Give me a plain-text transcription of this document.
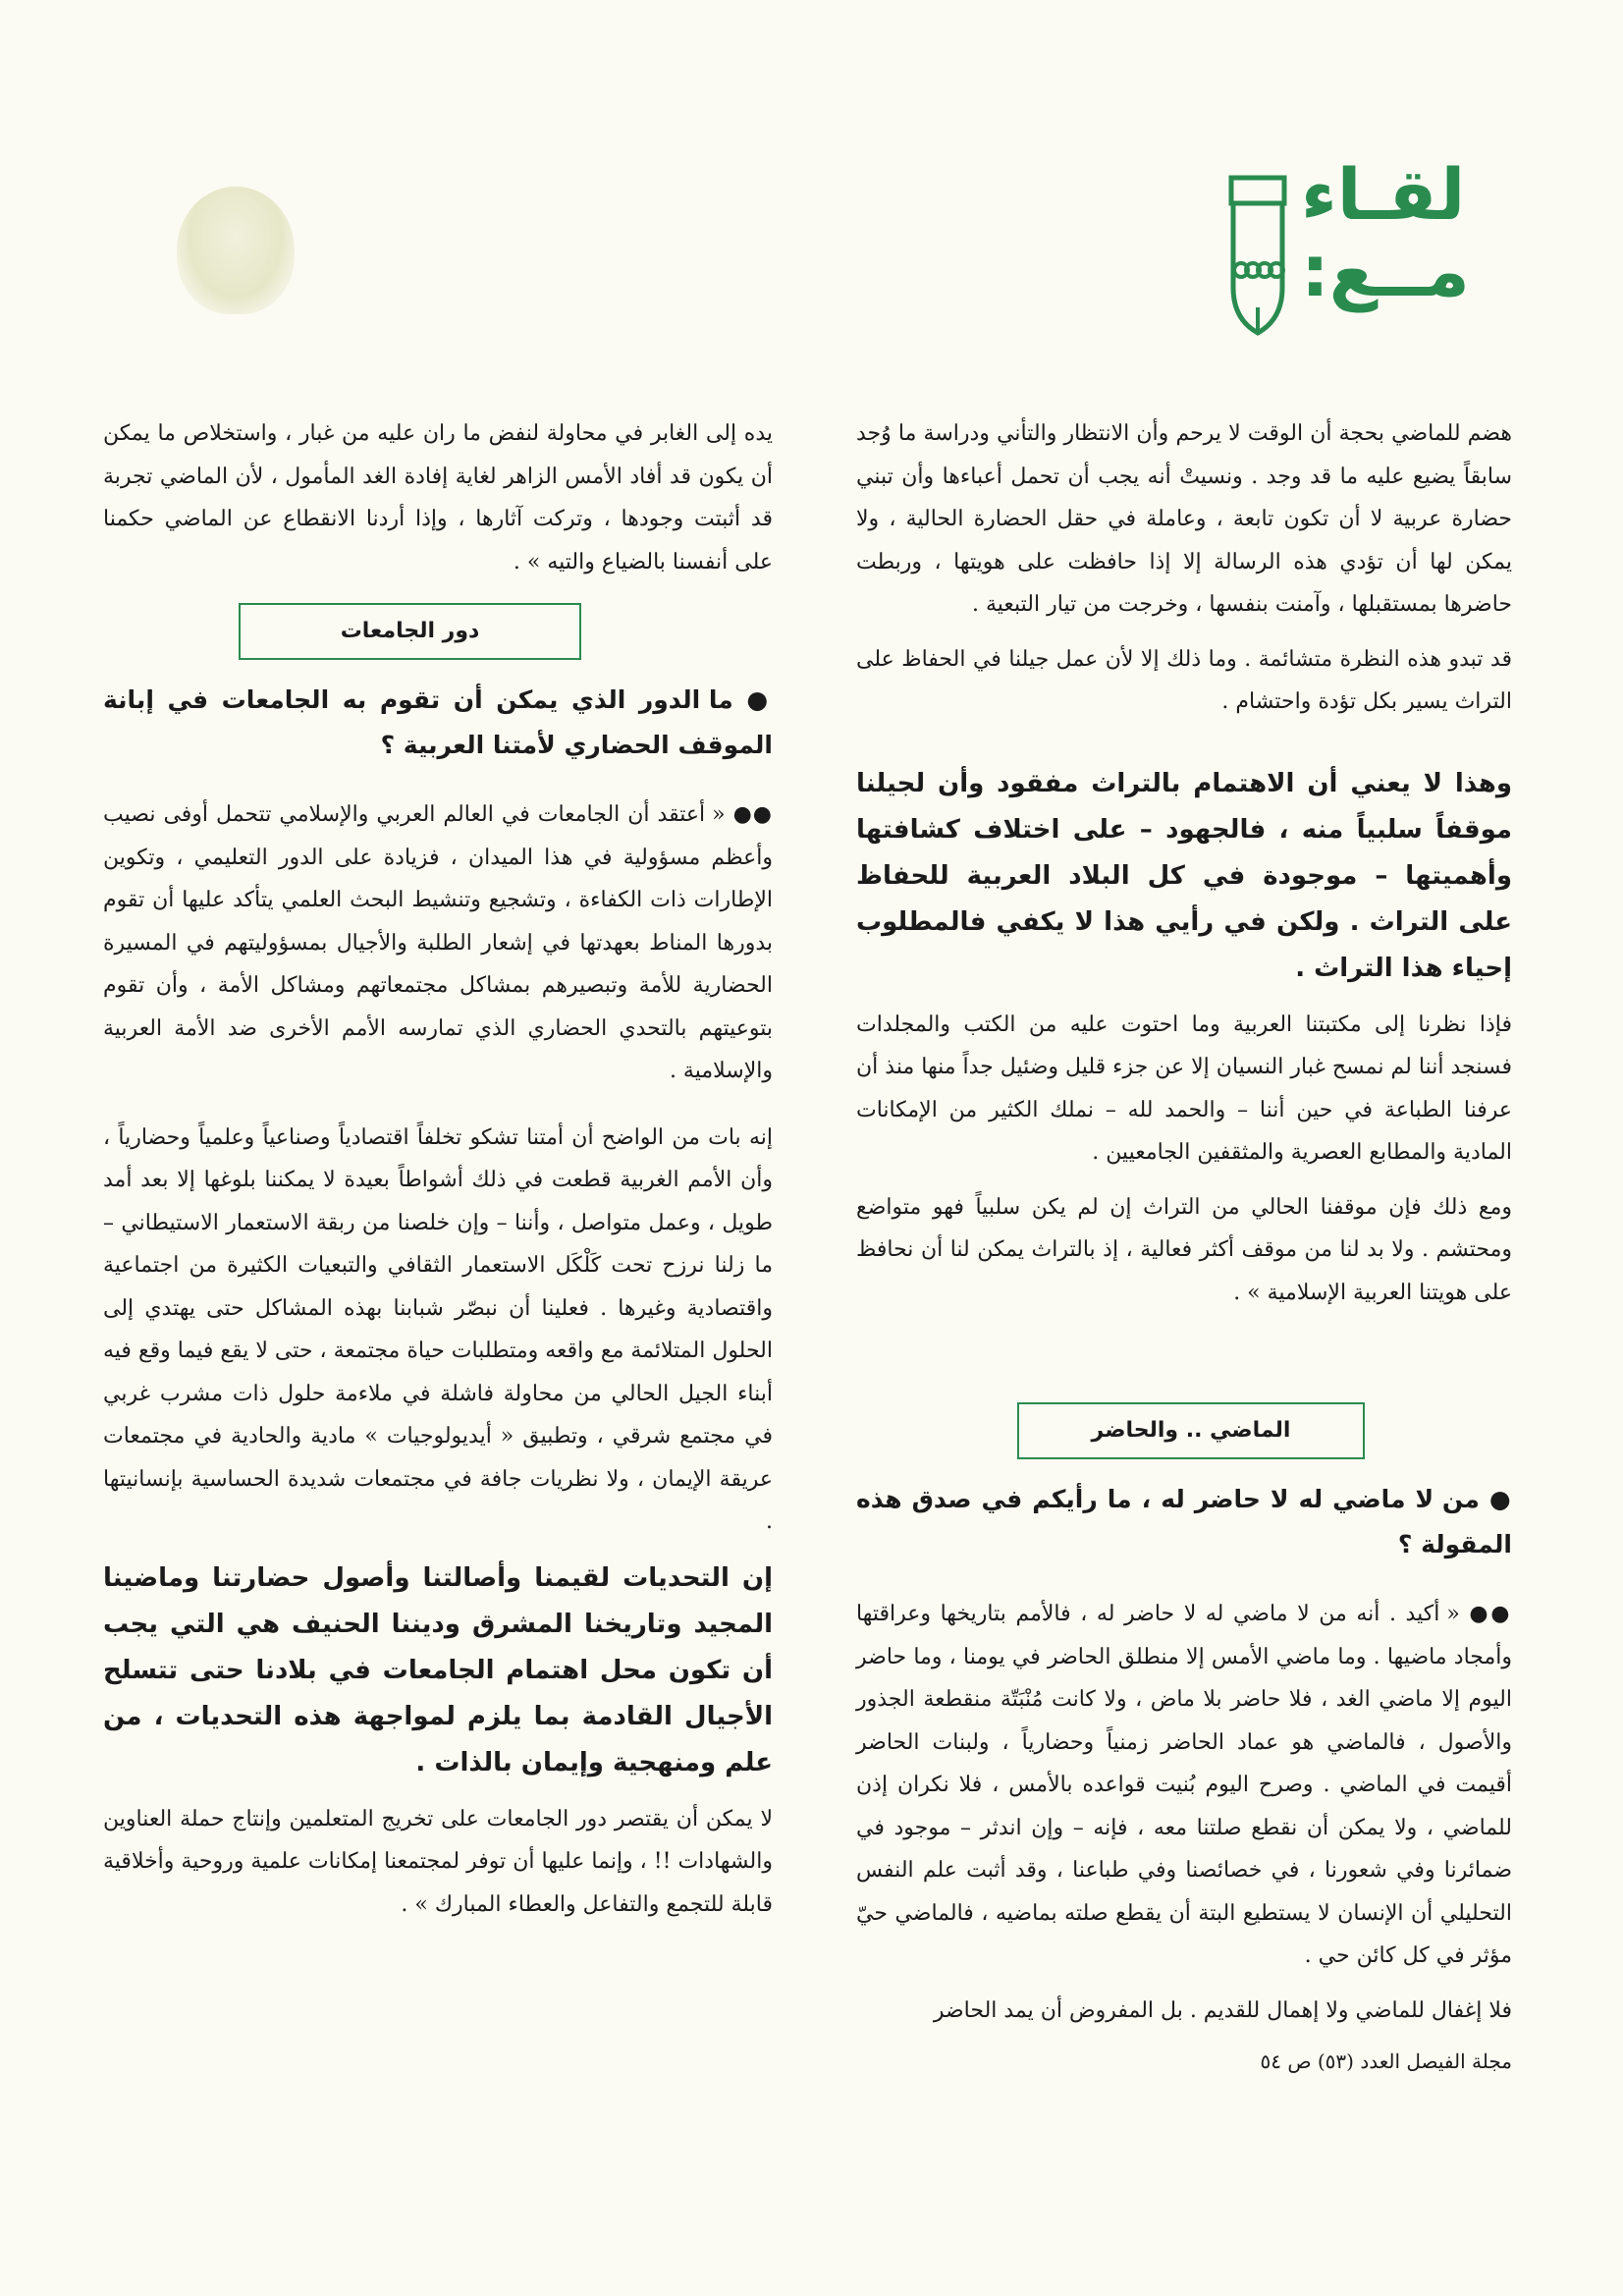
لقـاء
مــع:

هضم للماضي بحجة أن الوقت لا يرحم وأن الانتظار والتأني ودراسة ما وُجد سابقاً يضيع عليه ما قد وجد . ونسيتْ أنه يجب أن تحمل أعباءها وأن تبني حضارة عربية لا أن تكون تابعة ، وعاملة في حقل الحضارة الحالية ، ولا يمكن لها أن تؤدي هذه الرسالة إلا إذا حافظت على هويتها ، وربطت حاضرها بمستقبلها ، وآمنت بنفسها ، وخرجت من تيار التبعية .

قد تبدو هذه النظرة متشائمة . وما ذلك إلا لأن عمل جيلنا في الحفاظ على التراث يسير بكل تؤدة واحتشام .

وهذا لا يعني أن الاهتمام بالتراث مفقود وأن لجيلنا موقفاً سلبياً منه ، فالجهود – على اختلاف كشافتها وأهميتها – موجودة في كل البلاد العربية للحفاظ على التراث . ولكن في رأيي هذا لا يكفي فالمطلوب إحياء هذا التراث .

فإذا نظرنا إلى مكتبتنا العربية وما احتوت عليه من الكتب والمجلدات فسنجد أننا لم نمسح غبار النسيان إلا عن جزء قليل وضئيل جداً منها منذ أن عرفنا الطباعة في حين أننا – والحمد لله – نملك الكثير من الإمكانات المادية والمطابع العصرية والمثقفين الجامعيين .

ومع ذلك فإن موقفنا الحالي من التراث إن لم يكن سلبياً فهو متواضع ومحتشم . ولا بد لنا من موقف أكثر فعالية ، إذ بالتراث يمكن لنا أن نحافظ على هويتنا العربية الإسلامية » .

الماضي .. والحاضر

● من لا ماضي له لا حاضر له ، ما رأيكم في صدق هذه المقولة ؟

●● « أكيد . أنه من لا ماضي له لا حاضر له ، فالأمم بتاريخها وعراقتها وأمجاد ماضيها . وما ماضي الأمس إلا منطلق الحاضر في يومنا ، وما حاضر اليوم إلا ماضي الغد ، فلا حاضر بلا ماض ، ولا كانت مُنْبَتّة منقطعة الجذور والأصول ، فالماضي هو عماد الحاضر زمنياً وحضارياً ، ولبنات الحاضر أقيمت في الماضي . وصرح اليوم بُنيت قواعده بالأمس ، فلا نكران إذن للماضي ، ولا يمكن أن نقطع صلتنا معه ، فإنه – وإن اندثر – موجود في ضمائرنا وفي شعورنا ، في خصائصنا وفي طباعنا ، وقد أثبت علم النفس التحليلي أن الإنسان لا يستطيع البتة أن يقطع صلته بماضيه ، فالماضي حيّ مؤثر في كل كائن حي .

فلا إغفال للماضي ولا إهمال للقديم . بل المفروض أن يمد الحاضر

يده إلى الغابر في محاولة لنفض ما ران عليه من غبار ، واستخلاص ما يمكن أن يكون قد أفاد الأمس الزاهر لغاية إفادة الغد المأمول ، لأن الماضي تجربة قد أثبتت وجودها ، وتركت آثارها ، وإذا أردنا الانقطاع عن الماضي حكمنا على أنفسنا بالضياع والتيه » .

دور الجامعات

● ما الدور الذي يمكن أن تقوم به الجامعات في إبانة الموقف الحضاري لأمتنا العربية ؟

●● « أعتقد أن الجامعات في العالم العربي والإسلامي تتحمل أوفى نصيب وأعظم مسؤولية في هذا الميدان ، فزيادة على الدور التعليمي ، وتكوين الإطارات ذات الكفاءة ، وتشجيع وتنشيط البحث العلمي يتأكد عليها أن تقوم بدورها المناط بعهدتها في إشعار الطلبة والأجيال بمسؤوليتهم في المسيرة الحضارية للأمة وتبصيرهم بمشاكل مجتمعاتهم ومشاكل الأمة ، وأن تقوم بتوعيتهم بالتحدي الحضاري الذي تمارسه الأمم الأخرى ضد الأمة العربية والإسلامية .

إنه بات من الواضح أن أمتنا تشكو تخلفاً اقتصادياً وصناعياً وعلمياً وحضارياً ، وأن الأمم الغربية قطعت في ذلك أشواطاً بعيدة لا يمكننا بلوغها إلا بعد أمد طويل ، وعمل متواصل ، وأننا – وإن خلصنا من ربقة الاستعمار الاستيطاني – ما زلنا نرزح تحت كَلْكَل الاستعمار الثقافي والتبعيات الكثيرة من اجتماعية واقتصادية وغيرها . فعلينا أن نبصّر شبابنا بهذه المشاكل حتى يهتدي إلى الحلول المتلائمة مع واقعه ومتطلبات حياة مجتمعة ، حتى لا يقع فيما وقع فيه أبناء الجيل الحالي من محاولة فاشلة في ملاءمة حلول ذات مشرب غربي في مجتمع شرقي ، وتطبيق « أيديولوجيات » مادية والحادية في مجتمعات عريقة الإيمان ، ولا نظريات جافة في مجتمعات شديدة الحساسية بإنسانيتها .

إن التحديات لقيمنا وأصالتنا وأصول حضارتنا وماضينا المجيد وتاريخنا المشرق وديننا الحنيف هي التي يجب أن تكون محل اهتمام الجامعات في بلادنا حتى تتسلح الأجيال القادمة بما يلزم لمواجهة هذه التحديات ، من علم ومنهجية وإيمان بالذات .

لا يمكن أن يقتصر دور الجامعات على تخريج المتعلمين وإنتاج حملة العناوين والشهادات !! ، وإنما عليها أن توفر لمجتمعنا إمكانات علمية وروحية وأخلاقية قابلة للتجمع والتفاعل والعطاء المبارك » .

مجلة الفيصل العدد (٥٣) ص ٥٤
